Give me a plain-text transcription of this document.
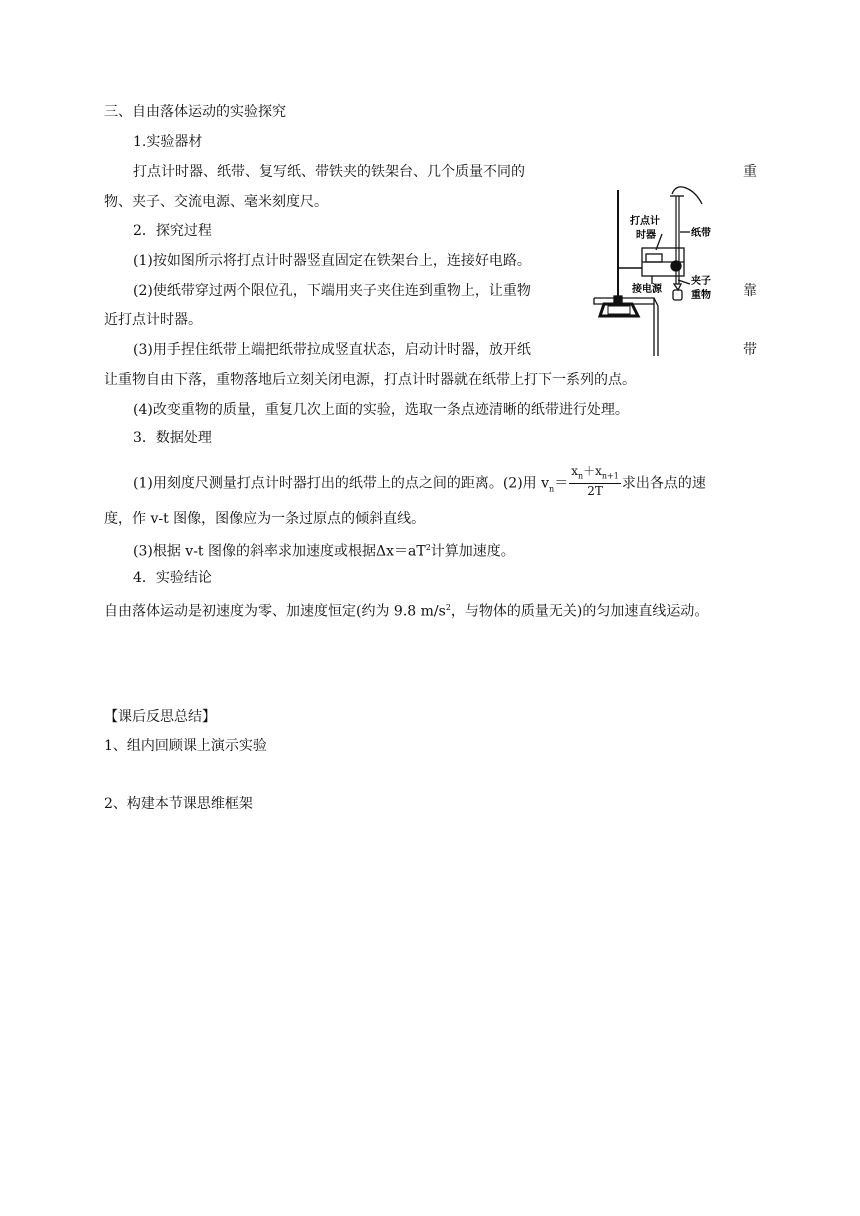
三、自由落体运动的实验探究
1.实验器材
打点计时器、纸带、复写纸、带铁夹的铁架台、几个质量不同的	重
物、夹子、交流电源、毫米刻度尺。
2．探究过程
(1)按如图所示将打点计时器竖直固定在铁架台上，连接好电路。
(2)使纸带穿过两个限位孔，下端用夹子夹住连到重物上，让重物	靠
近打点计时器。
(3)用手捏住纸带上端把纸带拉成竖直状态，启动计时器，放开纸	带
让重物自由下落，重物落地后立刻关闭电源，打点计时器就在纸带上打下一系列的点。
(4)改变重物的质量，重复几次上面的实验，选取一条点迹清晰的纸带进行处理。
3．数据处理
(1)用刻度尺测量打点计时器打出的纸带上的点之间的距离。(2)用 $v_n= \frac{x_n+x_{n+1}}{2T}$ 求出各点的速
度，作 v-t 图像，图像应为一条过原点的倾斜直线。
(3)根据 v-t 图像的斜率求加速度或根据$\Delta x=aT^2$计算加速度。
4．实验结论
自由落体运动是初速度为零、加速度恒定(约为 9.8 $m/s^2$，与物体的质量无关)的匀加速直线运动。
【课后反思总结】
1、组内回顾课上演示实验
2、构建本节课思维框架
打点计
时器	纸带
接电源
夹子
重物
